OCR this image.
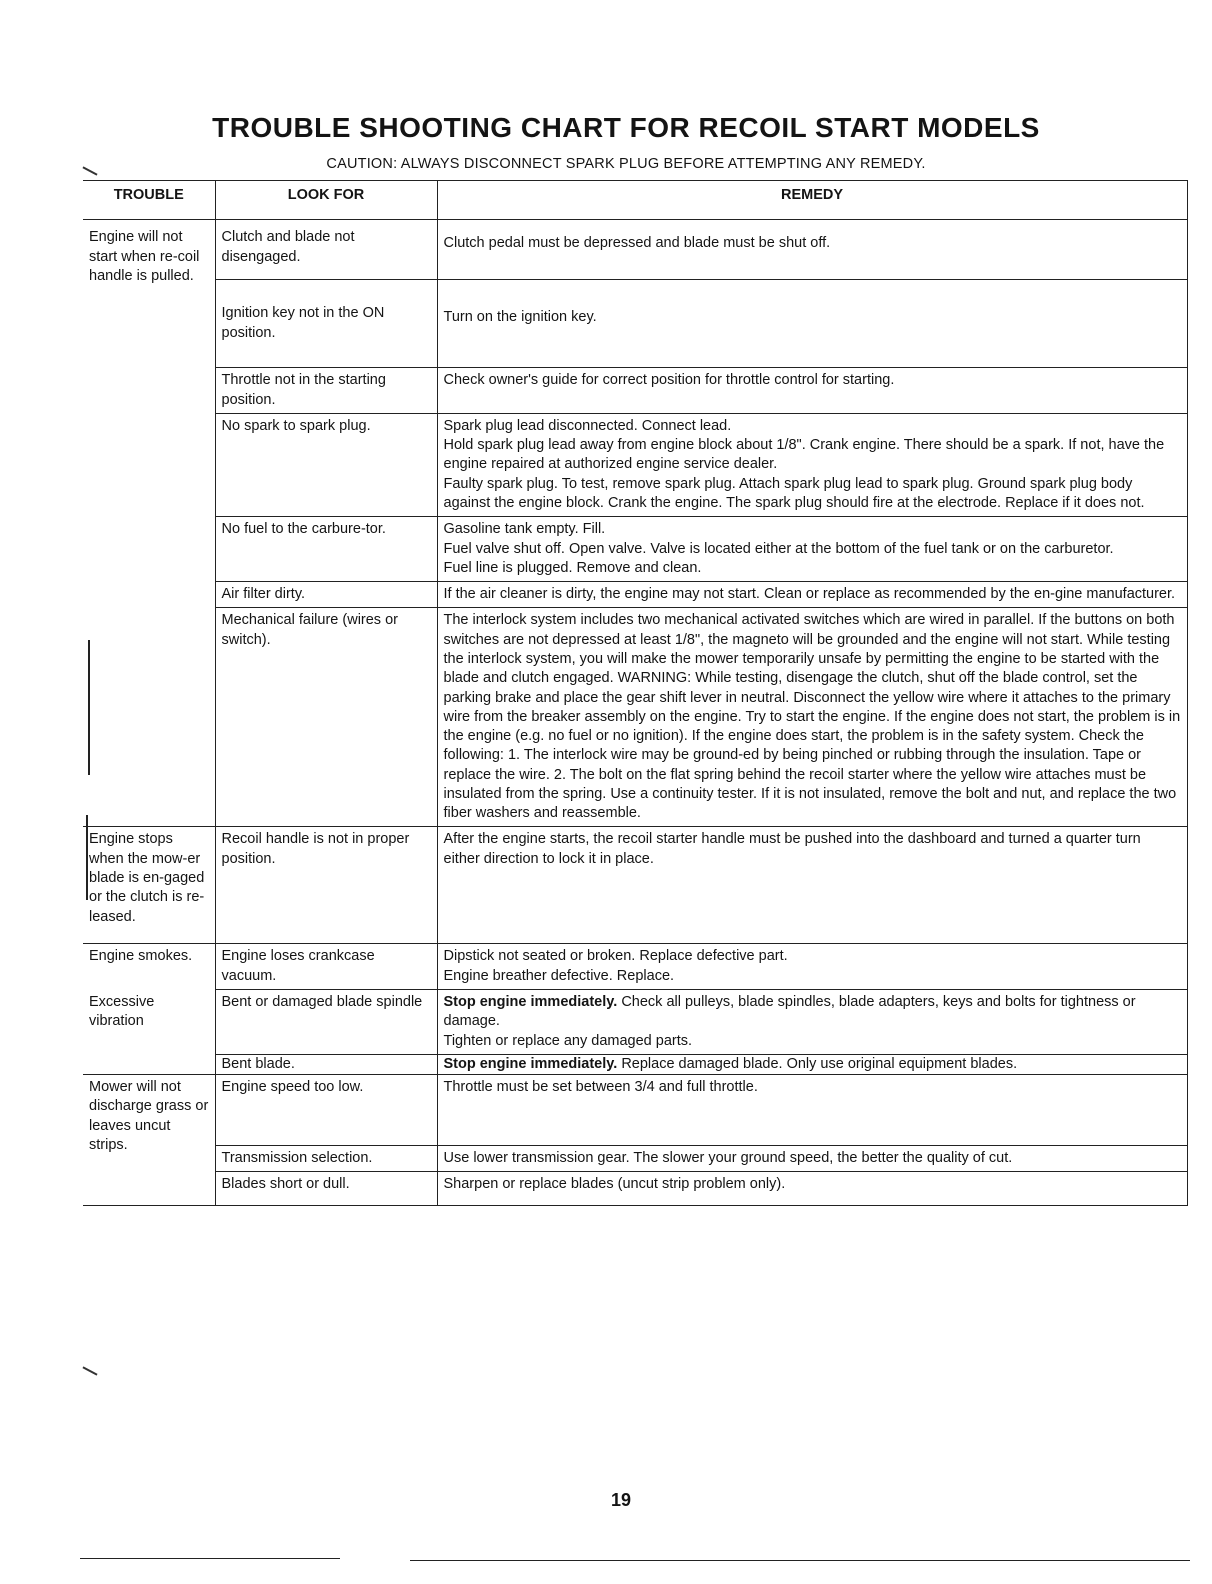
TROUBLE SHOOTING CHART FOR RECOIL START MODELS
CAUTION: ALWAYS DISCONNECT SPARK PLUG BEFORE ATTEMPTING ANY REMEDY.
TROUBLE	LOOK FOR	REMEDY
Engine will not start when re-coil handle is pulled.	Clutch and blade not disengaged.	Clutch pedal must be depressed and blade must be shut off.

	Ignition key not in the ON position.	Turn on the ignition key.

	Throttle not in the starting position.	Check owner's guide for correct position for throttle control for starting.

	No spark to spark plug.	Spark plug lead disconnected. Connect lead.
Hold spark plug lead away from engine block about 1/8". Crank engine. There should be a spark. If not, have the engine repaired at authorized engine service dealer.
Faulty spark plug. To test, remove spark plug. Attach spark plug lead to spark plug. Ground spark plug body against the engine block. Crank the engine. The spark plug should fire at the electrode. Replace if it does not.

	No fuel to the carbure-tor.	Gasoline tank empty. Fill.
Fuel valve shut off. Open valve. Valve is located either at the bottom of the fuel tank or on the carburetor.
Fuel line is plugged. Remove and clean.

	Air filter dirty.	If the air cleaner is dirty, the engine may not start. Clean or replace as recommended by the en-gine manufacturer.

	Mechanical failure (wires or switch).	The interlock system includes two mechanical activated switches which are wired in parallel. If the buttons on both switches are not depressed at least 1/8", the magneto will be grounded and the engine will not start. While testing the interlock system, you will make the mower temporarily unsafe by permitting the engine to be started with the blade and clutch engaged. WARNING: While testing, disengage the clutch, shut off the blade control, set the parking brake and place the gear shift lever in neutral. Disconnect the yellow wire where it attaches to the primary wire from the breaker assembly on the engine. Try to start the engine. If the engine does not start, the problem is in the engine (e.g. no fuel or no ignition). If the engine does start, the problem is in the safety system. Check the following: 1. The interlock wire may be ground-ed by being pinched or rubbing through the insulation. Tape or replace the wire. 2. The bolt on the flat spring behind the recoil starter where the yellow wire attaches must be insulated from the spring. Use a continuity tester. If it is not insulated, remove the bolt and nut, and replace the two fiber washers and reassemble.

Engine stops when the mow-er blade is en-gaged or the clutch is re-leased.	Recoil handle is not in proper position.	After the engine starts, the recoil starter handle must be pushed into the dashboard and turned a quarter turn either direction to lock it in place.

Engine smokes.	Engine loses crankcase vacuum.	Dipstick not seated or broken. Replace defective part.
Engine breather defective. Replace.

Excessive vibration	Bent or damaged blade spindle	Stop engine immediately. Check all pulleys, blade spindles, blade adapters, keys and bolts for tightness or damage.
Tighten or replace any damaged parts.

	Bent blade.	Stop engine immediately. Replace damaged blade. Only use original equipment blades.
Mower will not discharge grass or leaves uncut strips.	Engine speed too low.	Throttle must be set between 3/4 and full throttle.

	Transmission selection.	Use lower transmission gear. The slower your ground speed, the better the quality of cut.

	Blades short or dull.	Sharpen or replace blades (uncut strip problem only).
19
